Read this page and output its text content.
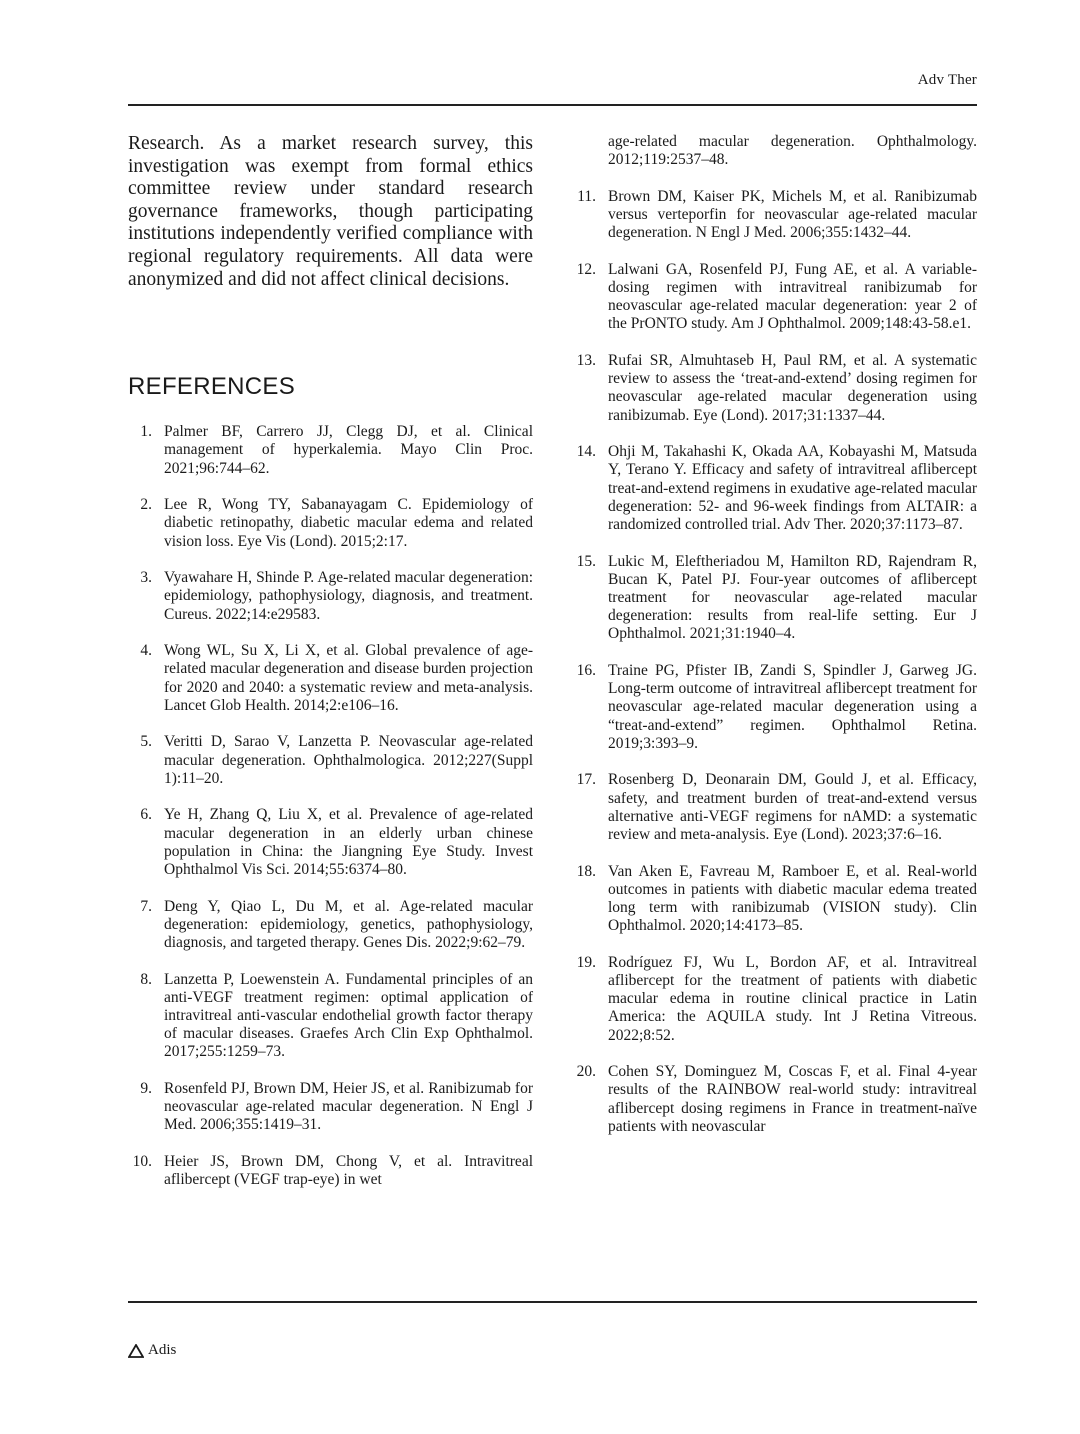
Adv Ther

Research. As a market research survey, this investigation was exempt from formal ethics committee review under standard research governance frameworks, though participating institutions independently verified compliance with regional regulatory requirements. All data were anonymized and did not affect clinical decisions.

REFERENCES
1. Palmer BF, Carrero JJ, Clegg DJ, et al. Clinical management of hyperkalemia. Mayo Clin Proc. 2021;96:744–62.
2. Lee R, Wong TY, Sabanayagam C. Epidemiology of diabetic retinopathy, diabetic macular edema and related vision loss. Eye Vis (Lond). 2015;2:17.
3. Vyawahare H, Shinde P. Age-related macular degeneration: epidemiology, pathophysiology, diagnosis, and treatment. Cureus. 2022;14:e29583.
4. Wong WL, Su X, Li X, et al. Global prevalence of age-related macular degeneration and disease burden projection for 2020 and 2040: a systematic review and meta-analysis. Lancet Glob Health. 2014;2:e106–16.
5. Veritti D, Sarao V, Lanzetta P. Neovascular age-related macular degeneration. Ophthalmologica. 2012;227(Suppl 1):11–20.
6. Ye H, Zhang Q, Liu X, et al. Prevalence of age-related macular degeneration in an elderly urban chinese population in China: the Jiangning Eye Study. Invest Ophthalmol Vis Sci. 2014;55:6374–80.
7. Deng Y, Qiao L, Du M, et al. Age-related macular degeneration: epidemiology, genetics, pathophysiology, diagnosis, and targeted therapy. Genes Dis. 2022;9:62–79.
8. Lanzetta P, Loewenstein A. Fundamental principles of an anti-VEGF treatment regimen: optimal application of intravitreal anti-vascular endothelial growth factor therapy of macular diseases. Graefes Arch Clin Exp Ophthalmol. 2017;255:1259–73.
9. Rosenfeld PJ, Brown DM, Heier JS, et al. Ranibizumab for neovascular age-related macular degeneration. N Engl J Med. 2006;355:1419–31.
10. Heier JS, Brown DM, Chong V, et al. Intravitreal aflibercept (VEGF trap-eye) in wet
age-related macular degeneration. Ophthalmology. 2012;119:2537–48.
11. Brown DM, Kaiser PK, Michels M, et al. Ranibizumab versus verteporfin for neovascular age-related macular degeneration. N Engl J Med. 2006;355:1432–44.
12. Lalwani GA, Rosenfeld PJ, Fung AE, et al. A variable-dosing regimen with intravitreal ranibizumab for neovascular age-related macular degeneration: year 2 of the PrONTO study. Am J Ophthalmol. 2009;148:43-58.e1.
13. Rufai SR, Almuhtaseb H, Paul RM, et al. A systematic review to assess the ‘treat-and-extend’ dosing regimen for neovascular age-related macular degeneration using ranibizumab. Eye (Lond). 2017;31:1337–44.
14. Ohji M, Takahashi K, Okada AA, Kobayashi M, Matsuda Y, Terano Y. Efficacy and safety of intravitreal aflibercept treat-and-extend regimens in exudative age-related macular degeneration: 52- and 96-week findings from ALTAIR: a randomized controlled trial. Adv Ther. 2020;37:1173–87.
15. Lukic M, Eleftheriadou M, Hamilton RD, Rajendram R, Bucan K, Patel PJ. Four-year outcomes of aflibercept treatment for neovascular age-related macular degeneration: results from real-life setting. Eur J Ophthalmol. 2021;31:1940–4.
16. Traine PG, Pfister IB, Zandi S, Spindler J, Garweg JG. Long-term outcome of intravitreal aflibercept treatment for neovascular age-related macular degeneration using a “treat-and-extend” regimen. Ophthalmol Retina. 2019;3:393–9.
17. Rosenberg D, Deonarain DM, Gould J, et al. Efficacy, safety, and treatment burden of treat-and-extend versus alternative anti-VEGF regimens for nAMD: a systematic review and meta-analysis. Eye (Lond). 2023;37:6–16.
18. Van Aken E, Favreau M, Ramboer E, et al. Real-world outcomes in patients with diabetic macular edema treated long term with ranibizumab (VISION study). Clin Ophthalmol. 2020;14:4173–85.
19. Rodríguez FJ, Wu L, Bordon AF, et al. Intravitreal aflibercept for the treatment of patients with diabetic macular edema in routine clinical practice in Latin America: the AQUILA study. Int J Retina Vitreous. 2022;8:52.
20. Cohen SY, Dominguez M, Coscas F, et al. Final 4-year results of the RAINBOW real-world study: intravitreal aflibercept dosing regimens in France in treatment-naïve patients with neovascular
Adis
